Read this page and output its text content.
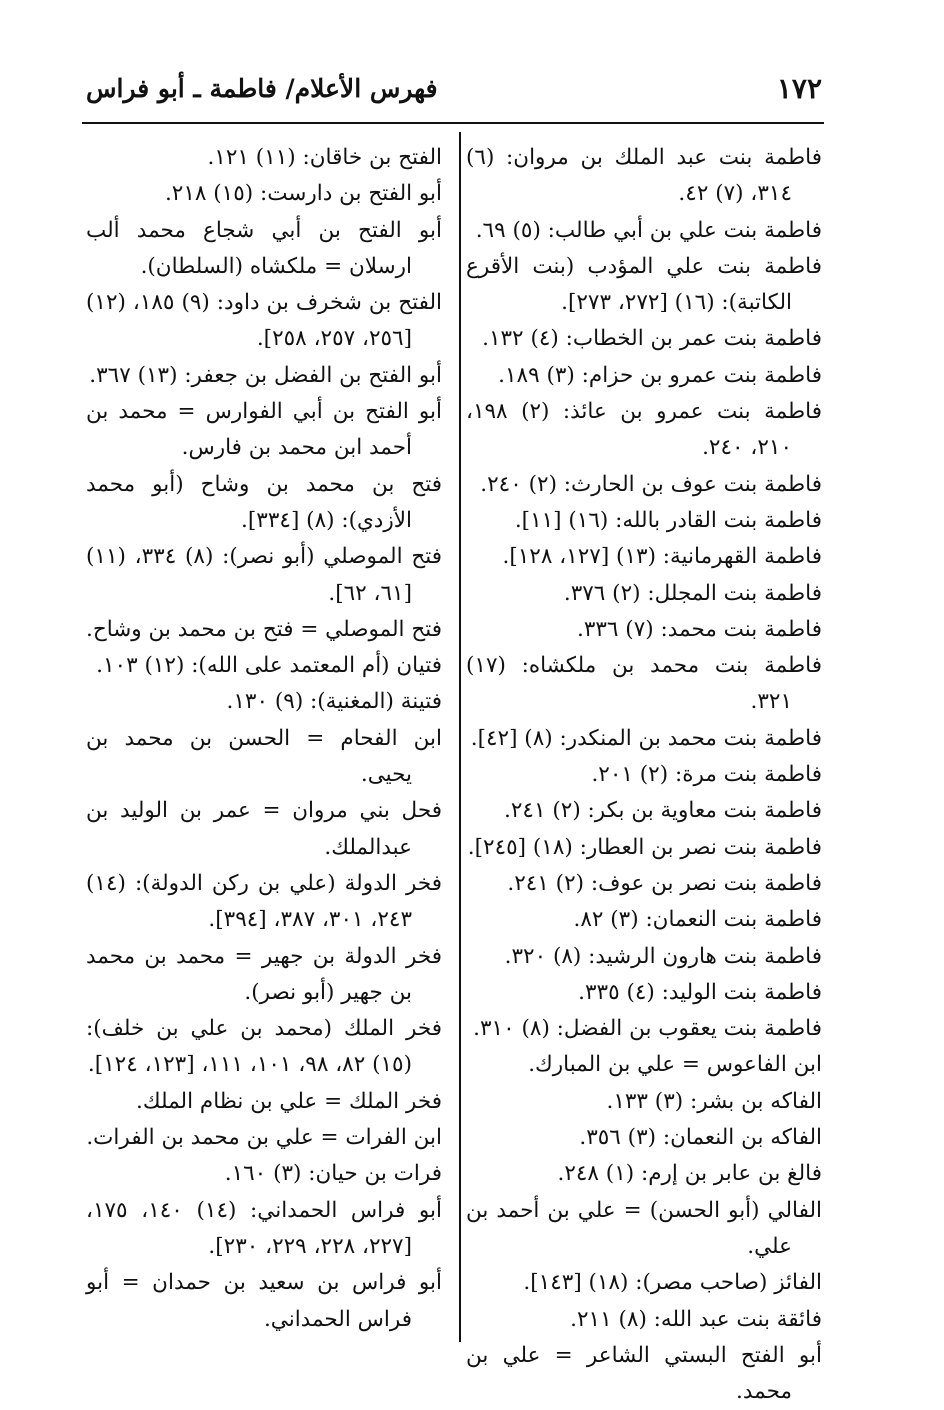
١٧٢
فهرس الأعلام/ فاطمة ـ أبو فراس

فاطمة بنت عبد الملك بن مروان: (٦) ٣١٤، (٧) ٤٢.

فاطمة بنت علي بن أبي طالب: (٥) ٦٩.

فاطمة بنت علي المؤدب (بنت الأقرع الكاتبة): (١٦) [٢٧٢، ٢٧٣].

فاطمة بنت عمر بن الخطاب: (٤) ١٣٢.

فاطمة بنت عمرو بن حزام: (٣) ١٨٩.

فاطمة بنت عمرو بن عائذ: (٢) ١٩٨، ٢١٠، ٢٤٠.

فاطمة بنت عوف بن الحارث: (٢) ٢٤٠.

فاطمة بنت القادر بالله: (١٦) [١١].

فاطمة القهرمانية: (١٣) [١٢٧، ١٢٨].

فاطمة بنت المجلل: (٢) ٣٧٦.

فاطمة بنت محمد: (٧) ٣٣٦.

فاطمة بنت محمد بن ملكشاه: (١٧) ٣٢١.

فاطمة بنت محمد بن المنكدر: (٨) [٤٢].

فاطمة بنت مرة: (٢) ٢٠١.

فاطمة بنت معاوية بن بكر: (٢) ٢٤١.

فاطمة بنت نصر بن العطار: (١٨) [٢٤٥].

فاطمة بنت نصر بن عوف: (٢) ٢٤١.

فاطمة بنت النعمان: (٣) ٨٢.

فاطمة بنت هارون الرشيد: (٨) ٣٢٠.

فاطمة بنت الوليد: (٤) ٣٣٥.

فاطمة بنت يعقوب بن الفضل: (٨) ٣١٠.

ابن الفاعوس = علي بن المبارك.

الفاكه بن بشر: (٣) ١٣٣.

الفاكه بن النعمان: (٣) ٣٥٦.

فالغ بن عابر بن إرم: (١) ٢٤٨.

الفالي (أبو الحسن) = علي بن أحمد بن علي.

الفائز (صاحب مصر): (١٨) [١٤٣].

فائقة بنت عبد الله: (٨) ٢١١.

أبو الفتح البستي الشاعر = علي بن محمد.

الفتح بن خاقان: (١١) ١٢١.

أبو الفتح بن دارست: (١٥) ٢١٨.

أبو الفتح بن أبي شجاع محمد ألب ارسلان = ملكشاه (السلطان).

الفتح بن شخرف بن داود: (٩) ١٨٥، (١٢) [٢٥٦، ٢٥٧، ٢٥٨].

أبو الفتح بن الفضل بن جعفر: (١٣) ٣٦٧.

أبو الفتح بن أبي الفوارس = محمد بن أحمد ابن محمد بن فارس.

فتح بن محمد بن وشاح (أبو محمد الأزدي): (٨) [٣٣٤].

فتح الموصلي (أبو نصر): (٨) ٣٣٤، (١١) [٦١، ٦٢].

فتح الموصلي = فتح بن محمد بن وشاح.

فتيان (أم المعتمد على الله): (١٢) ١٠٣.

فتينة (المغنية): (٩) ١٣٠.

ابن الفحام = الحسن بن محمد بن يحيى.

فحل بني مروان = عمر بن الوليد بن عبدالملك.

فخر الدولة (علي بن ركن الدولة): (١٤) ٢٤٣، ٣٠١، ٣٨٧، [٣٩٤].

فخر الدولة بن جهير = محمد بن محمد بن جهير (أبو نصر).

فخر الملك (محمد بن علي بن خلف): (١٥) ٨٢، ٩٨، ١٠١، ١١١، [١٢٣، ١٢٤].

فخر الملك = علي بن نظام الملك.

ابن الفرات = علي بن محمد بن الفرات.

فرات بن حيان: (٣) ١٦٠.

أبو فراس الحمداني: (١٤) ١٤٠، ١٧٥، [٢٢٧، ٢٢٨، ٢٢٩، ٢٣٠].

أبو فراس بن سعيد بن حمدان = أبو فراس الحمداني.
